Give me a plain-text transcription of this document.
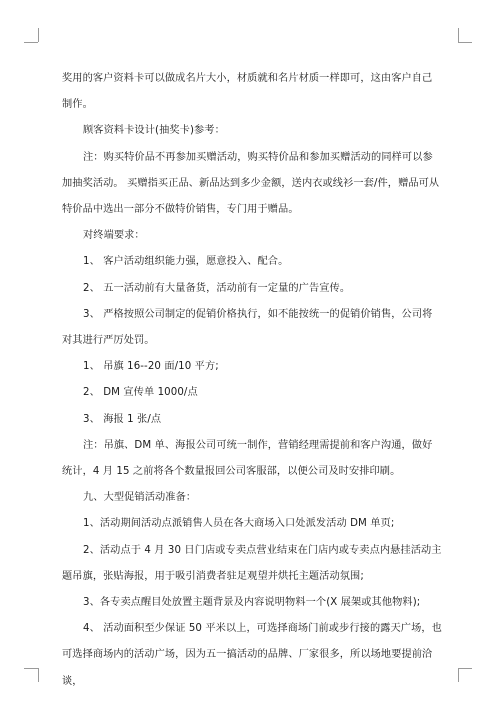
奖用的客户资料卡可以做成名片大小，材质就和名片材质一样即可，这由客户自己制作。

顾客资料卡设计(抽奖卡)参考：

注：购买特价品不再参加买赠活动，购买特价品和参加买赠活动的同样可以参加抽奖活动。 买赠指买正品、新品达到多少金额，送内衣或线衫一套/件，赠品可从特价品中选出一部分不做特价销售，专门用于赠品。

对终端要求：

1、 客户活动组织能力强，愿意投入、配合。

2、 五一活动前有大量备货，活动前有一定量的广告宣传。

3、 严格按照公司制定的促销价格执行，如不能按统一的促销价销售，公司将对其进行严厉处罚。

1、 吊旗 16--20 面/10 平方;

2、 DM 宣传单 1000/点

3、 海报 1 张/点

注：吊旗、DM 单、海报公司可统一制作，营销经理需提前和客户沟通，做好统计，4 月 15 之前将各个数量报回公司客服部，以便公司及时安排印刷。

九、大型促销活动准备：

1、活动期间活动点派销售人员在各大商场入口处派发活动 DM 单页;

2、活动点于 4 月 30 日门店或专卖点营业结束在门店内或专卖点内悬挂活动主题吊旗，张贴海报，用于吸引消费者驻足观望并烘托主题活动氛围;

3、各专卖点醒目处放置主题背景及内容说明物料一个(X 展架或其他物料);

4、 活动面积至少保证 50 平米以上，可选择商场门前或步行接的露天广场，也可选择商场内的活动广场，因为五一搞活动的品牌、厂家很多，所以场地要提前洽谈，
